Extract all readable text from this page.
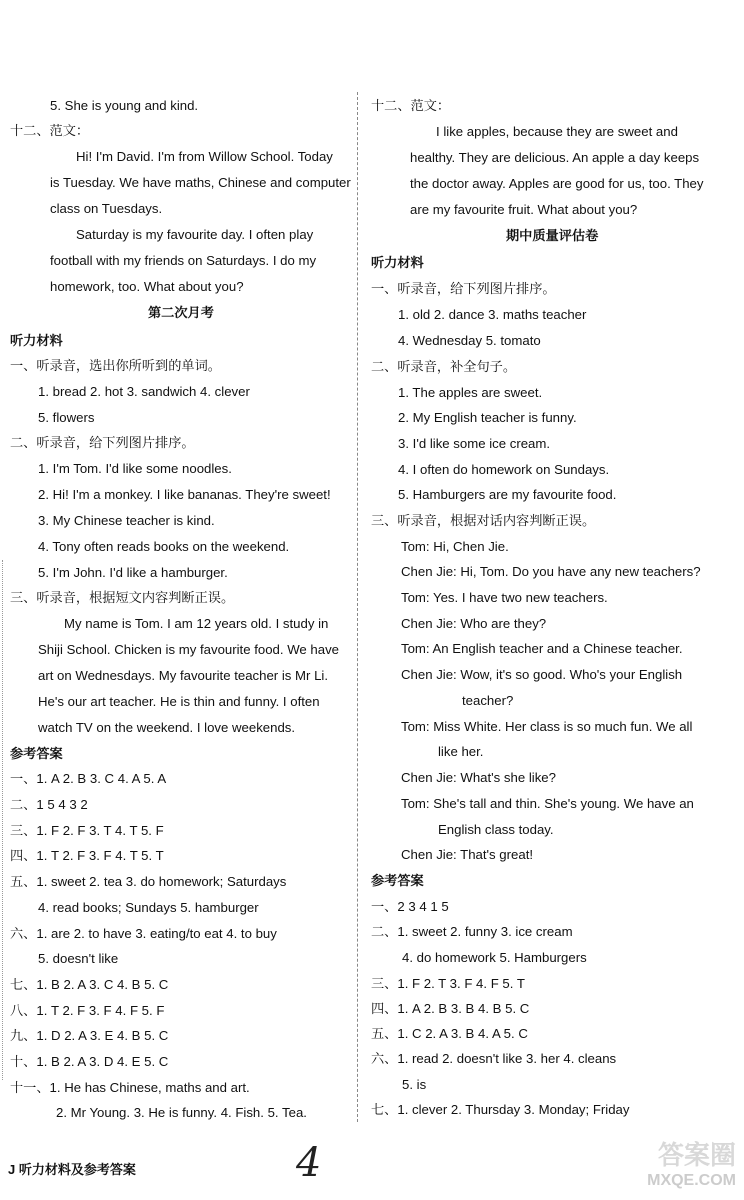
5. She is young and kind.
十二、范文：
Hi! I'm David. I'm from Willow School. Today
is Tuesday. We have maths, Chinese and computer
class on Tuesdays.
Saturday is my favourite day. I often play
football with my friends on Saturdays. I do my
homework, too. What about you?
第二次月考
听力材料
一、听录音，选出你所听到的单词。
1. bread 2. hot 3. sandwich 4. clever
5. flowers
二、听录音，给下列图片排序。
1. I'm Tom. I'd like some noodles.
2. Hi! I'm a monkey. I like bananas. They're sweet!
3. My Chinese teacher is kind.
4. Tony often reads books on the weekend.
5. I'm John. I'd like a hamburger.
三、听录音，根据短文内容判断正误。
My name is Tom. I am 12 years old. I study in
Shiji School. Chicken is my favourite food. We have
art on Wednesdays. My favourite teacher is Mr Li.
He's our art teacher. He is thin and funny. I often
watch TV on the weekend. I love weekends.
参考答案
一、1. A 2. B 3. C 4. A 5. A
二、1 5 4 3 2
三、1. F 2. F 3. T 4. T 5. F
四、1. T 2. F 3. F 4. T 5. T
五、1. sweet 2. tea 3. do homework; Saturdays
4. read books; Sundays 5. hamburger
六、1. are 2. to have 3. eating/to eat 4. to buy
5. doesn't like
七、1. B 2. A 3. C 4. B 5. C
八、1. T 2. F 3. F 4. F 5. F
九、1. D 2. A 3. E 4. B 5. C
十、1. B 2. A 3. D 4. E 5. C
十一、1. He has Chinese, maths and art.
2. Mr Young. 3. He is funny. 4. Fish. 5. Tea.
十二、范文：
I like apples, because they are sweet and
healthy. They are delicious. An apple a day keeps
the doctor away. Apples are good for us, too. They
are my favourite fruit. What about you?
期中质量评估卷
听力材料
一、听录音，给下列图片排序。
1. old 2. dance 3. maths teacher
4. Wednesday 5. tomato
二、听录音，补全句子。
1. The apples are sweet.
2. My English teacher is funny.
3. I'd like some ice cream.
4. I often do homework on Sundays.
5. Hamburgers are my favourite food.
三、听录音，根据对话内容判断正误。
Tom: Hi, Chen Jie.
Chen Jie: Hi, Tom. Do you have any new teachers?
Tom: Yes. I have two new teachers.
Chen Jie: Who are they?
Tom: An English teacher and a Chinese teacher.
Chen Jie: Wow, it's so good. Who's your English
teacher?
Tom: Miss White. Her class is so much fun. We all
like her.
Chen Jie: What's she like?
Tom: She's tall and thin. She's young. We have an
English class today.
Chen Jie: That's great!
参考答案
一、2 3 4 1 5
二、1. sweet 2. funny 3. ice cream
4. do homework 5. Hamburgers
三、1. F 2. T 3. F 4. F 5. T
四、1. A 2. B 3. B 4. B 5. C
五、1. C 2. A 3. B 4. A 5. C
六、1. read 2. doesn't like 3. her 4. cleans
5. is
七、1. clever 2. Thursday 3. Monday; Friday
J 听力材料及参考答案	4	答案圈
MXQE.COM
